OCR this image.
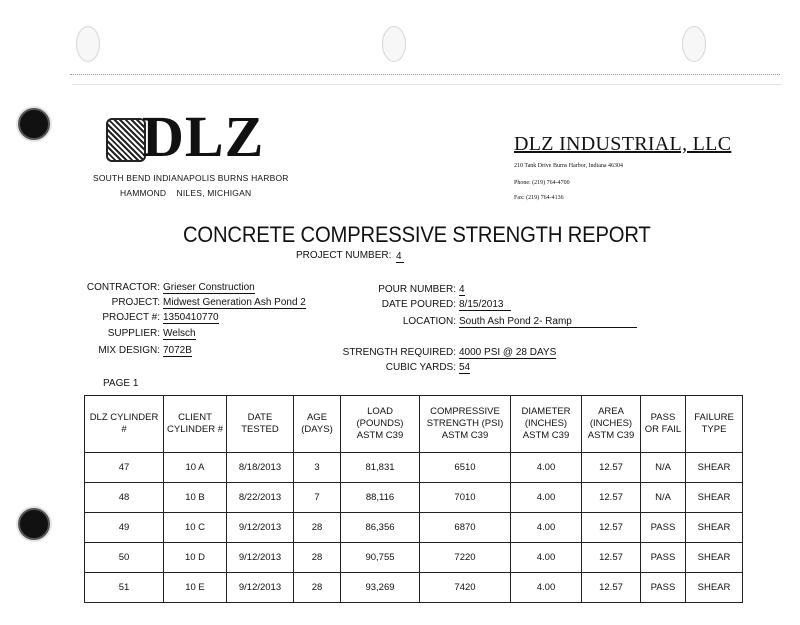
DLZ
SOUTH BEND INDIANAPOLIS BURNS HARBOR
HAMMOND    NILES, MICHIGAN
DLZ INDUSTRIAL, LLC
210 Tank Drive Burns Harbor, Indiana 46304
Phone: (219) 764-4700
Fax: (219) 764-4136
CONCRETE COMPRESSIVE STRENGTH REPORT
PROJECT NUMBER: 4
CONTRACTOR: Grieser Construction
PROJECT: Midwest Generation Ash Pond 2
PROJECT #: 1350410770
SUPPLIER: Welsch
MIX DESIGN: 7072B
POUR NUMBER: 4
DATE POURED: 8/15/2013
LOCATION: South Ash Pond 2- Ramp
STRENGTH REQUIRED: 4000 PSI @ 28 DAYS
CUBIC YARDS: 54
PAGE 1
DLZ CYLINDER #	CLIENT CYLINDER #	DATE TESTED	AGE (DAYS)	LOAD (POUNDS) ASTM C39	COMPRESSIVE STRENGTH (PSI) ASTM C39	DIAMETER (INCHES) ASTM C39	AREA (INCHES) ASTM C39	PASS OR FAIL	FAILURE TYPE
47	10 A	8/18/2013	3	81,831	6510	4.00	12.57	N/A	SHEAR
48	10 B	8/22/2013	7	88,116	7010	4.00	12.57	N/A	SHEAR
49	10 C	9/12/2013	28	86,356	6870	4.00	12.57	PASS	SHEAR
50	10 D	9/12/2013	28	90,755	7220	4.00	12.57	PASS	SHEAR
51	10 E	9/12/2013	28	93,269	7420	4.00	12.57	PASS	SHEAR
